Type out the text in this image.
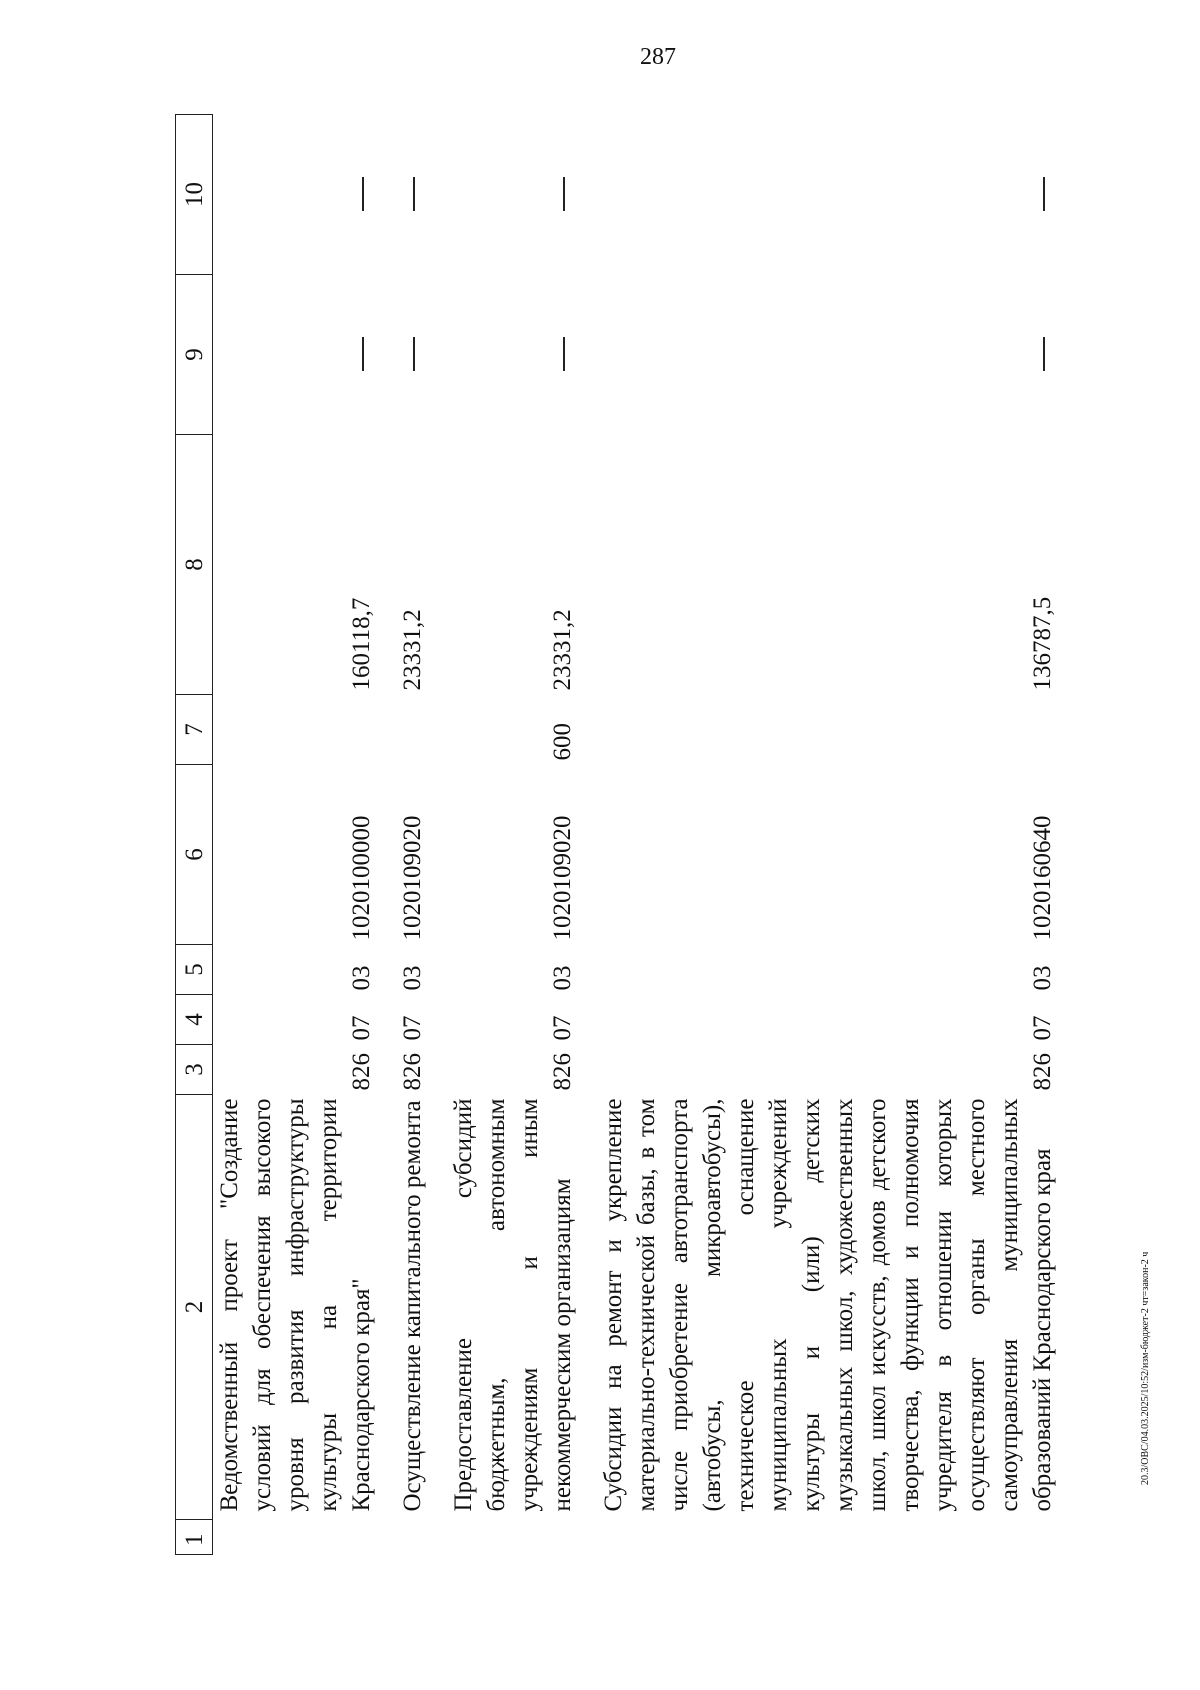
287
20.3/ОВС/04.03.2025/10:52/изм-бюджет-2 чт=закон-2 ч
1	2	3	4	5	6	7	8	9	10
	Ведомственный проект "Создание условий для обеспечения высокого уровня развития инфраструктуры культуры на территории Краснодарского края"	826	07	03	1020100000		160118,7		

	Осуществление капитального ремонта	826	07	03	1020109020		23331,2		

	Предоставление субсидий бюджетным, автономным учреждениям и иным некоммерческим организациям	826	07	03	1020109020	600	23331,2		

	Субсидии на ремонт и укрепление материально-технической базы, в том числе приобретение автотранспорта (автобусы, микроавтобусы), техническое оснащение муниципальных учреждений культуры и (или) детских музыкальных школ, художественных школ, школ искусств, домов детского творчества, функции и полномочия учредителя в отношении которых осуществляют органы местного самоуправления муниципальных образований Краснодарского края	826	07	03	1020160640		136787,5		
